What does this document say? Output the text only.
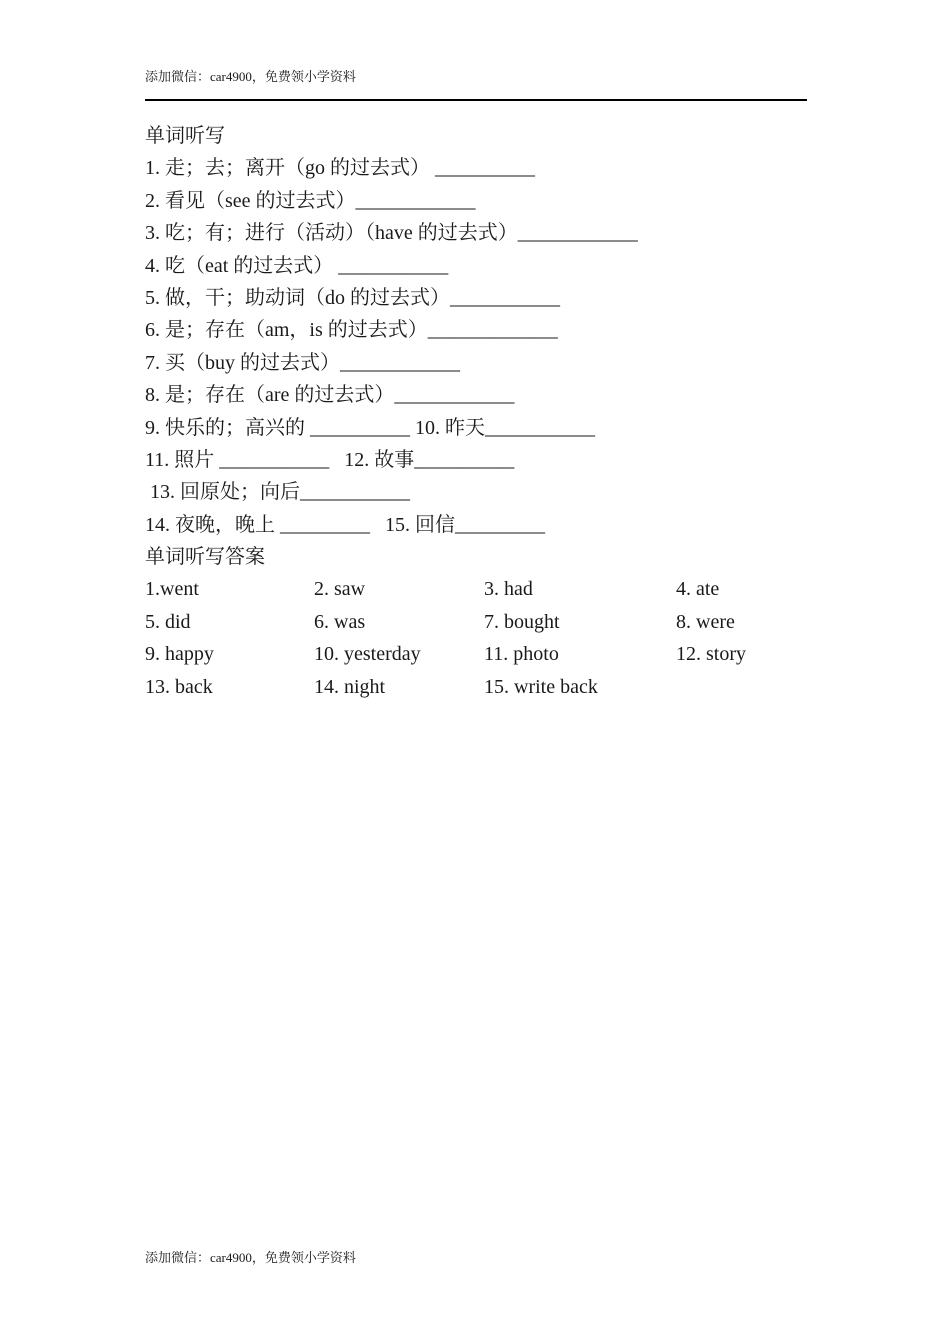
添加微信：car4900，免费领小学资料
单词听写
1. 走；去；离开（go 的过去式） __________
2. 看见（see 的过去式）____________
3. 吃；有；进行（活动）（have 的过去式）____________
4. 吃（eat 的过去式） ___________
5. 做，干；助动词（do 的过去式）___________
6. 是；存在（am，is 的过去式）_____________
7. 买（buy 的过去式）____________
8. 是；存在（are 的过去式）____________
9. 快乐的；高兴的 __________ 10. 昨天___________
11. 照片 ___________   12. 故事__________
13. 回原处；向后___________
14. 夜晚，晚上 _________   15. 回信_________
单词听写答案
1.went	2. saw	3. had	4. ate
5. did	6. was	7. bought	8. were
9. happy	10. yesterday	11. photo	12. story
13. back	14. night	15. write back
添加微信：car4900，免费领小学资料
